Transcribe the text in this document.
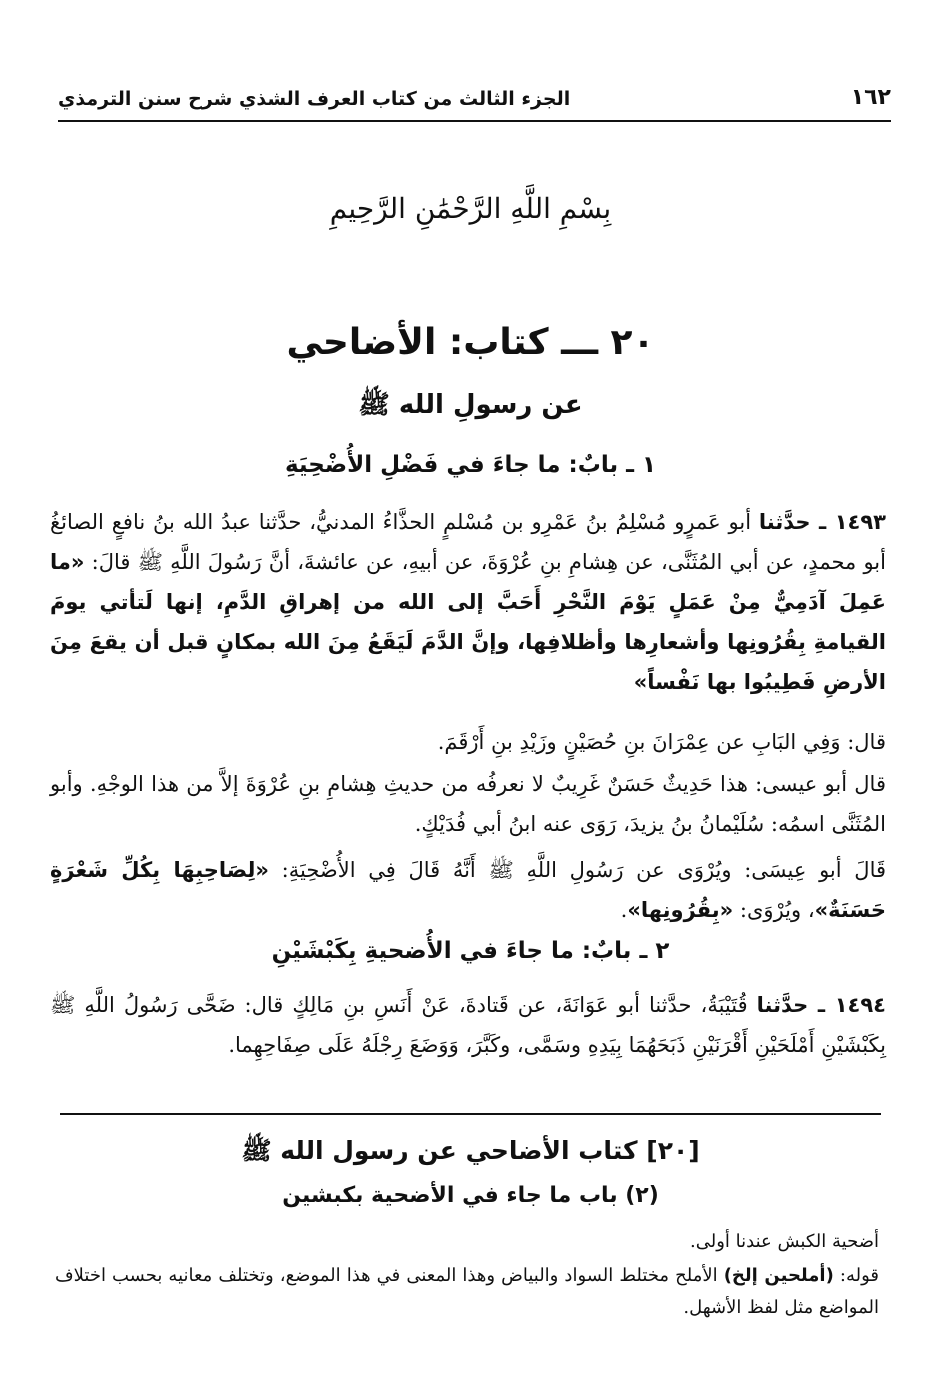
١٦٢
الجزء الثالث من كتاب العرف الشذي شرح سنن الترمذي
بِسْمِ اللَّهِ الرَّحْمَٰنِ الرَّحِيمِ
٢٠ ـــ كتاب: الأضاحي
عن رسولِ الله ﷺ
١ ـ بابٌ: ما جاءَ في فَضْلِ الأُضْحِيَةِ
١٤٩٣ ـ حدَّثنا أبو عَمرٍو مُسْلِمُ بنُ عَمْرِو بن مُسْلمٍ الحذَّاءُ المدنيُّ، حدَّثنا عبدُ الله بنُ نافعٍ الصائغُ أبو محمدٍ، عن أبي المُثَنَّى، عن هِشامِ بنِ عُرْوَةَ، عن أبيهِ، عن عائشةَ، أنَّ رَسُولَ اللَّهِ ﷺ قالَ: «ما عَمِلَ آدَمِيٌّ مِنْ عَمَلٍ يَوْمَ النَّحْرِ أَحَبَّ إلى الله من إهراقِ الدَّمِ، إنها لَتأتي يومَ القيامةِ بِقُرُونِها وأشعارِها وأظلافِها، وإنَّ الدَّمَ لَيَقَعُ مِنَ الله بمكانٍ قبل أن يقعَ مِنَ الأرضِ فَطِيبُوا بها نَفْساً»
قال: وَفِي البَابِ عن عِمْرَانَ بنِ حُصَيْنٍ وزَيْدِ بنِ أَرْقَمَ.
قال أبو عيسى: هذا حَدِيثٌ حَسَنٌ غَرِيبٌ لا نعرفُه من حديثِ هِشامِ بنِ عُرْوَةَ إلاَّ من هذا الوجْهِ. وأبو المُثَنَّى اسمُه: سُلَيْمانُ بنُ يزيدَ، رَوَى عنه ابنُ أبي فُدَيْكٍ.
قَالَ أبو عِيسَى: ويُرْوَى عن رَسُولِ اللَّهِ ﷺ أَنَّهُ قَالَ فِي الأُضْحِيَةِ: «لِصَاحِبِهَا بِكُلِّ شَعْرَةٍ حَسَنَةٌ»، ويُرْوَى: «بِقُرُونِها».
٢ ـ بابٌ: ما جاءَ في الأُضحيةِ بِكَبْشَيْنِ
١٤٩٤ ـ حدَّثنا قُتَيْبَةُ، حدَّثنا أبو عَوَانَةَ، عن قَتادةَ، عَنْ أَنَسِ بنِ مَالِكٍ قال: ضَحَّى رَسُولُ اللَّهِ ﷺ بِكَبْشَيْنِ أَمْلَحَيْنِ أَقْرَنَيْنِ ذَبَحَهُمَا بِيَدِهِ وسَمَّى، وكَبَّرَ، وَوَضَعَ رِجْلَهُ عَلَى صِفَاحِهِما.
[٢٠] كتاب الأضاحي عن رسول الله ﷺ
(٢) باب ما جاء في الأضحية بكبشين
أضحية الكبش عندنا أولى.
قوله: (أملحين إلخ) الأملح مختلط السواد والبياض وهذا المعنى في هذا الموضع، وتختلف معانيه بحسب اختلاف المواضع مثل لفظ الأشهل.
